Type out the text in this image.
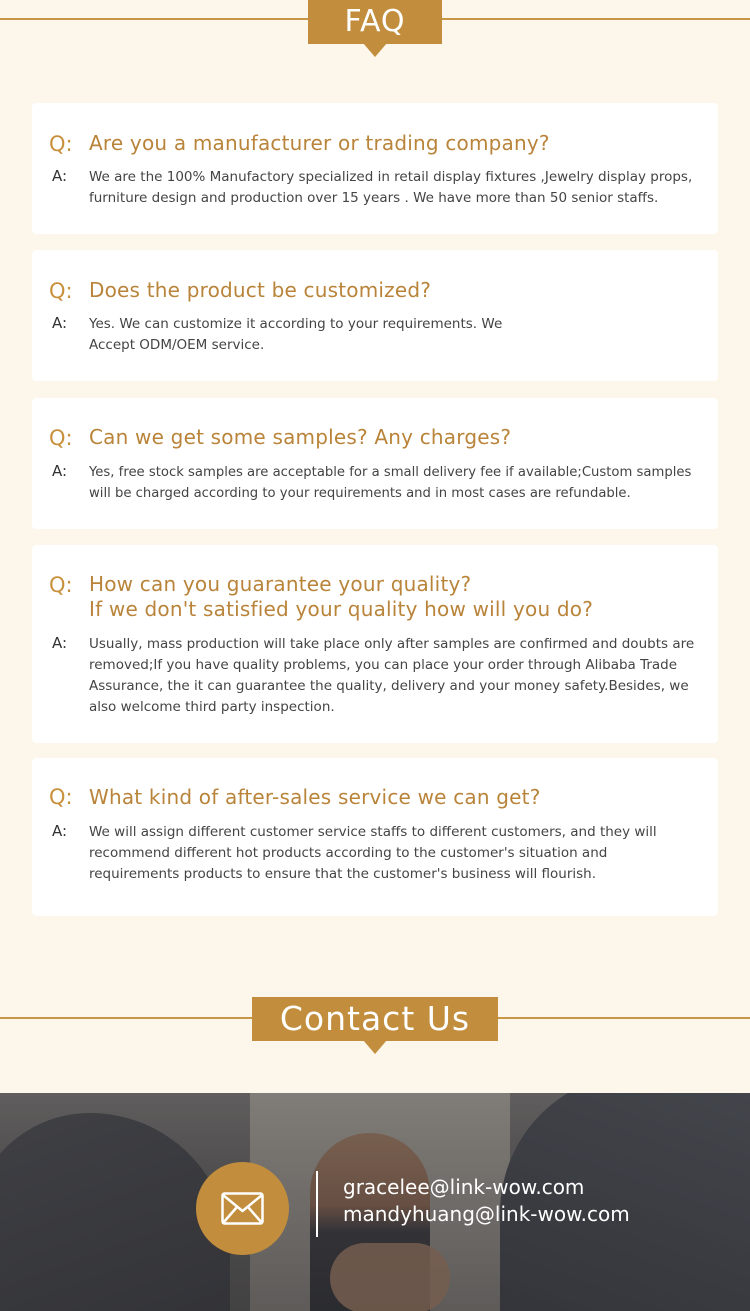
FAQ
Q: Are you a manufacturer or trading company?
A: We are the 100% Manufactory specialized in retail display fixtures ,Jewelry display props, furniture design and production over 15 years . We have more than 50 senior staffs.
Q: Does the product be customized?
A: Yes. We can customize it according to your requirements. We Accept ODM/OEM service.
Q: Can we get some samples? Any charges?
A: Yes, free stock samples are acceptable for a small delivery fee if available;Custom samples will be charged according to your requirements and in most cases are refundable.
Q: How can you guarantee your quality?
If we don't satisfied your quality how will you do?
A: Usually, mass production will take place only after samples are confirmed and doubts are removed;If you have quality problems, you can place your order through Alibaba Trade Assurance, the it can guarantee the quality, delivery and your money safety.Besides, we also welcome third party inspection.
Q: What kind of after-sales service we can get?
A: We will assign different customer service staffs to different customers, and they will recommend different hot products according to the customer's situation and requirements products to ensure that the customer's business will flourish.
Contact Us
gracelee@link-wow.com
mandyhuang@link-wow.com
